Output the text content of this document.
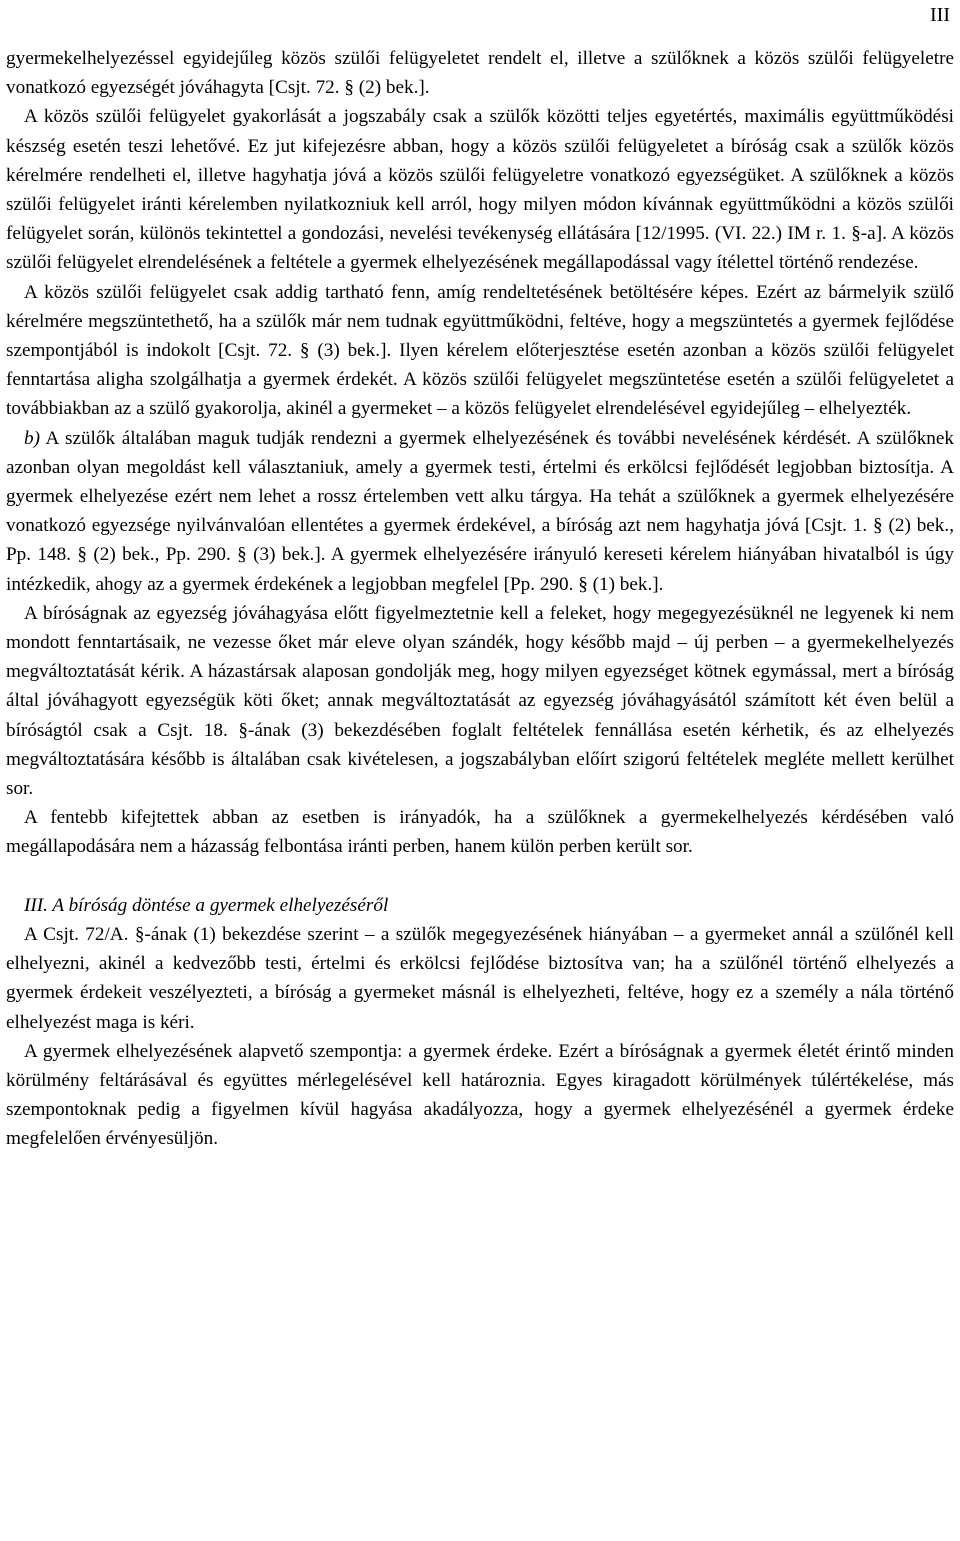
III

gyermekelhelyezéssel egyidejűleg közös szülői felügyeletet rendelt el, illetve a szülőknek a közös szülői felügyeletre vonatkozó egyezségét jóváhagyta [Csjt. 72. § (2) bek.].

A közös szülői felügyelet gyakorlását a jogszabály csak a szülők közötti teljes egyetértés, maximális együttműködési készség esetén teszi lehetővé. Ez jut kifejezésre abban, hogy a közös szülői felügyeletet a bíróság csak a szülők közös kérelmére rendelheti el, illetve hagyhatja jóvá a közös szülői felügyeletre vonatkozó egyezségüket. A szülőknek a közös szülői felügyelet iránti kérelemben nyilatkozniuk kell arról, hogy milyen módon kívánnak együttműködni a közös szülői felügyelet során, különös tekintettel a gondozási, nevelési tevékenység ellátására [12/1995. (VI. 22.) IM r. 1. §-a]. A közös szülői felügyelet elrendelésének a feltétele a gyermek elhelyezésének megállapodással vagy ítélettel történő rendezése.

A közös szülői felügyelet csak addig tartható fenn, amíg rendeltetésének betöltésére képes. Ezért az bármelyik szülő kérelmére megszüntethető, ha a szülők már nem tudnak együttműködni, feltéve, hogy a megszüntetés a gyermek fejlődése szempontjából is indokolt [Csjt. 72. § (3) bek.]. Ilyen kérelem előterjesztése esetén azonban a közös szülői felügyelet fenntartása aligha szolgálhatja a gyermek érdekét. A közös szülői felügyelet megszüntetése esetén a szülői felügyeletet a továbbiakban az a szülő gyakorolja, akinél a gyermeket – a közös felügyelet elrendelésével egyidejűleg – elhelyezték.

b) A szülők általában maguk tudják rendezni a gyermek elhelyezésének és további nevelésének kérdését. A szülőknek azonban olyan megoldást kell választaniuk, amely a gyermek testi, értelmi és erkölcsi fejlődését legjobban biztosítja. A gyermek elhelyezése ezért nem lehet a rossz értelemben vett alku tárgya. Ha tehát a szülőknek a gyermek elhelyezésére vonatkozó egyezsége nyilvánvalóan ellentétes a gyermek érdekével, a bíróság azt nem hagyhatja jóvá [Csjt. 1. § (2) bek., Pp. 148. § (2) bek., Pp. 290. § (3) bek.]. A gyermek elhelyezésére irányuló kereseti kérelem hiányában hivatalból is úgy intézkedik, ahogy az a gyermek érdekének a legjobban megfelel [Pp. 290. § (1) bek.].

A bíróságnak az egyezség jóváhagyása előtt figyelmeztetnie kell a feleket, hogy megegyezésüknél ne legyenek ki nem mondott fenntartásaik, ne vezesse őket már eleve olyan szándék, hogy később majd – új perben – a gyermekelhelyezés megváltoztatását kérik. A házastársak alaposan gondolják meg, hogy milyen egyezséget kötnek egymással, mert a bíróság által jóváhagyott egyezségük köti őket; annak megváltoztatását az egyezség jóváhagyásától számított két éven belül a bíróságtól csak a Csjt. 18. §-ának (3) bekezdésében foglalt feltételek fennállása esetén kérhetik, és az elhelyezés megváltoztatására később is általában csak kivételesen, a jogszabályban előírt szigorú feltételek megléte mellett kerülhet sor.

A fentebb kifejtettek abban az esetben is irányadók, ha a szülőknek a gyermekelhelyezés kérdésében való megállapodására nem a házasság felbontása iránti perben, hanem külön perben került sor.

III. A bíróság döntése a gyermek elhelyezéséről

A Csjt. 72/A. §-ának (1) bekezdése szerint – a szülők megegyezésének hiányában – a gyermeket annál a szülőnél kell elhelyezni, akinél a kedvezőbb testi, értelmi és erkölcsi fejlődése biztosítva van; ha a szülőnél történő elhelyezés a gyermek érdekeit veszélyezteti, a bíróság a gyermeket másnál is elhelyezheti, feltéve, hogy ez a személy a nála történő elhelyezést maga is kéri.

A gyermek elhelyezésének alapvető szempontja: a gyermek érdeke. Ezért a bíróságnak a gyermek életét érintő minden körülmény feltárásával és együttes mérlegelésével kell határoznia. Egyes kiragadott körülmények túlértékelése, más szempontoknak pedig a figyelmen kívül hagyása akadályozza, hogy a gyermek elhelyezésénél a gyermek érdeke megfelelően érvényesüljön.
